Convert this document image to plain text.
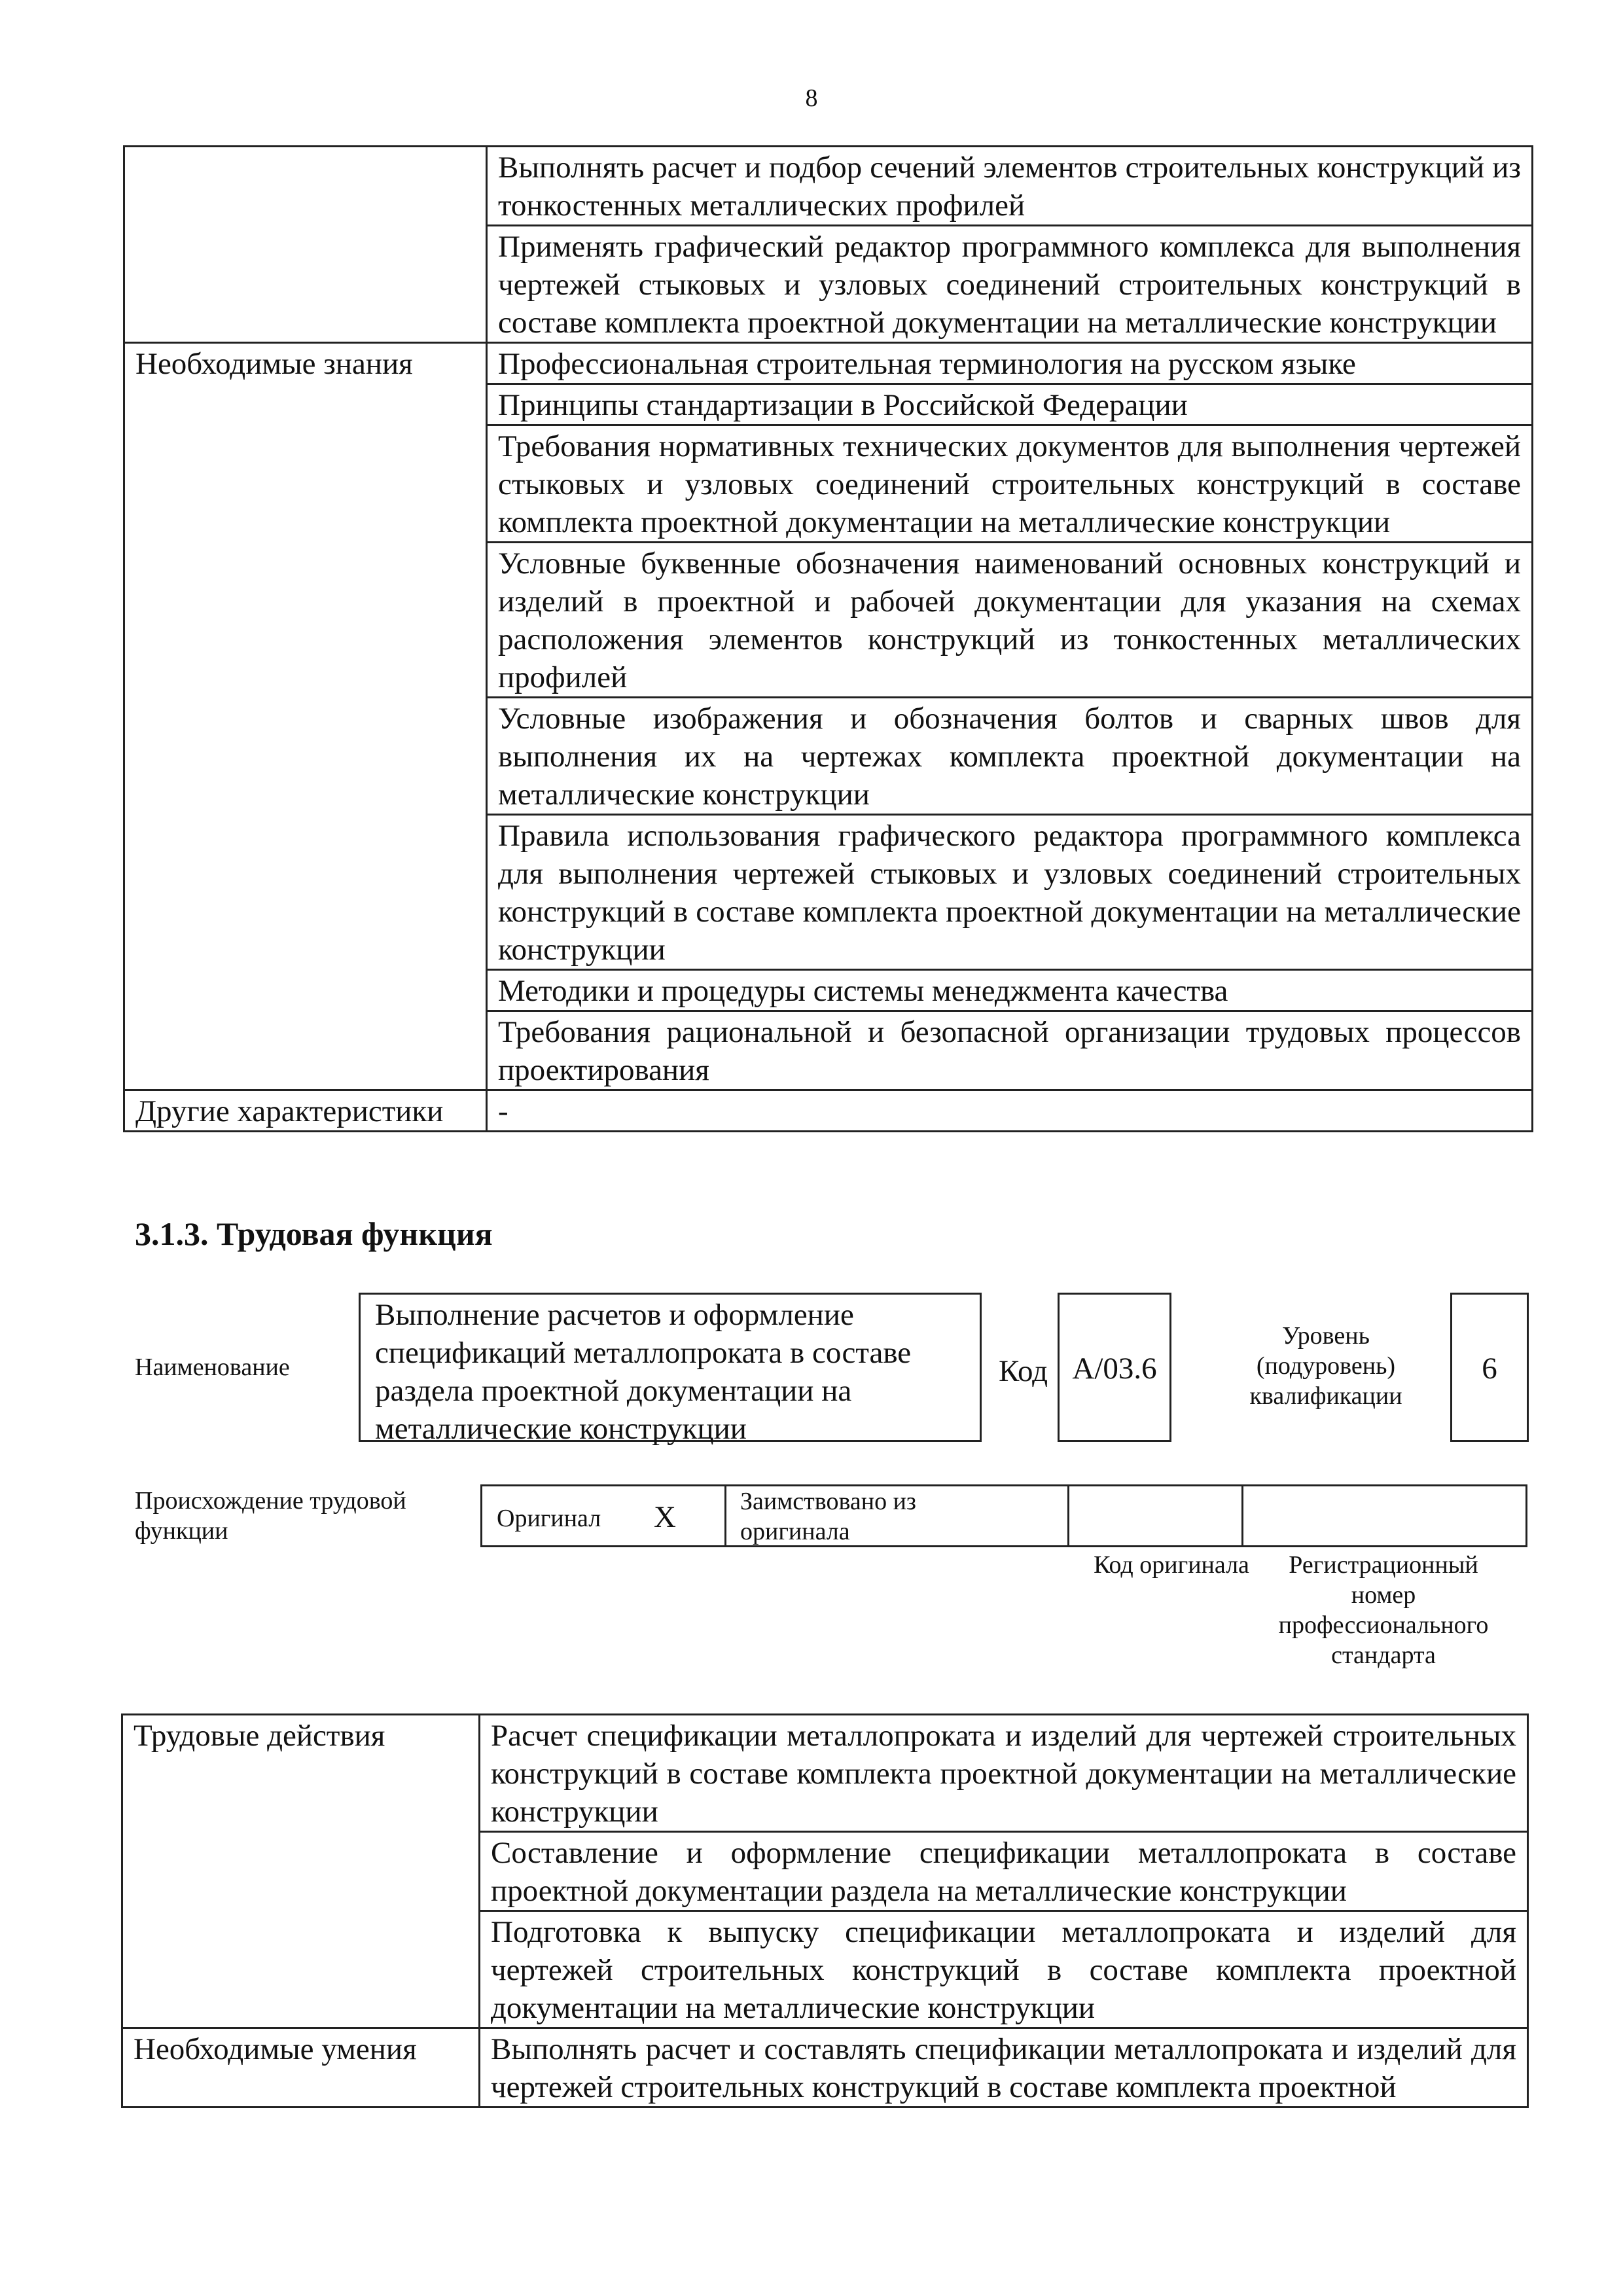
8
	Выполнять расчет и подбор сечений элементов строительных конструкций из тонкостенных металлических профилей
	Применять графический редактор программного комплекса для выполнения чертежей стыковых и узловых соединений строительных конструкций в составе комплекта проектной документации на металлические конструкции
Необходимые знания	Профессиональная строительная терминология на русском языке
	Принципы стандартизации в Российской Федерации
	Требования нормативных технических документов для выполнения чертежей стыковых и узловых соединений строительных конструкций в составе комплекта проектной документации на металлические конструкции
	Условные буквенные обозначения наименований основных конструкций и изделий в проектной и рабочей документации для указания на схемах расположения элементов конструкций из тонкостенных металлических профилей
	Условные изображения и обозначения болтов и сварных швов для выполнения их на чертежах комплекта проектной документации на металлические конструкции
	Правила использования графического редактора программного комплекса для выполнения чертежей стыковых и узловых соединений строительных конструкций в составе комплекта проектной документации на металлические конструкции
	Методики и процедуры системы менеджмента качества
	Требования рациональной и безопасной организации трудовых процессов проектирования
Другие характеристики	-
3.1.3. Трудовая функция
Наименование
Выполнение расчетов и оформление спецификаций металлопроката в составе раздела проектной документации на металлические конструкции
Код А/03.6
Уровень (подуровень) квалификации
6
Происхождение трудовой функции	Оригинал X	Заимствовано из оригинала
Код оригинала	Регистрационный номер профессионального стандарта
Трудовые действия	Расчет спецификации металлопроката и изделий для чертежей строительных конструкций в составе комплекта проектной документации на металлические конструкции
	Составление и оформление спецификации металлопроката в составе проектной документации раздела на металлические конструкции
	Подготовка к выпуску спецификации металлопроката и изделий для чертежей строительных конструкций в составе комплекта проектной документации на металлические конструкции
Необходимые умения	Выполнять расчет и составлять спецификации металлопроката и изделий для чертежей строительных конструкций в составе комплекта проектной
